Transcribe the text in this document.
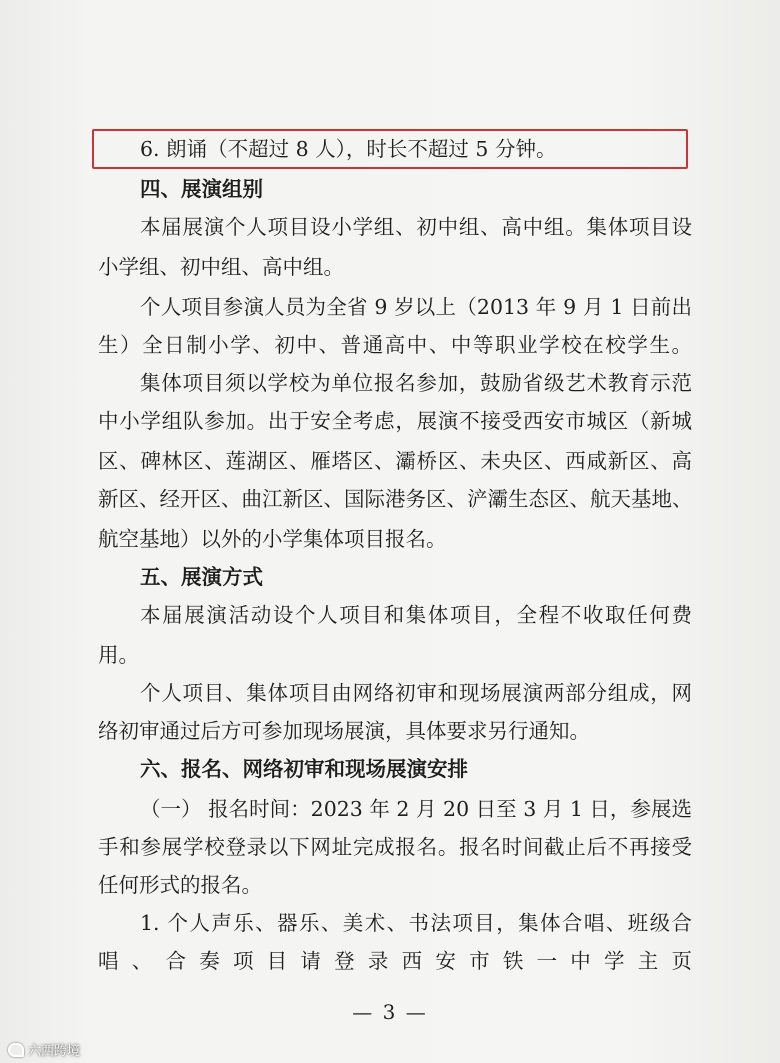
6. 朗诵（不超过 8 人），时长不超过 5 分钟。
四、展演组别
本届展演个人项目设小学组、初中组、高中组。集体项目设
小学组、初中组、高中组。
个人项目参演人员为全省 9 岁以上（2013 年 9 月 1 日前出
生）全日制小学、初中、普通高中、中等职业学校在校学生。
集体项目须以学校为单位报名参加，鼓励省级艺术教育示范
中小学组队参加。出于安全考虑，展演不接受西安市城区（新城
区、碑林区、莲湖区、雁塔区、灞桥区、未央区、西咸新区、高
新区、经开区、曲江新区、国际港务区、浐灞生态区、航天基地、
航空基地）以外的小学集体项目报名。
五、展演方式
本届展演活动设个人项目和集体项目，全程不收取任何费
用。
个人项目、集体项目由网络初审和现场展演两部分组成，网
络初审通过后方可参加现场展演，具体要求另行通知。
六、报名、网络初审和现场展演安排
（一） 报名时间：2023 年 2 月 20 日至 3 月 1 日，参展选
手和参展学校登录以下网址完成报名。报名时间截止后不再接受
任何形式的报名。
1. 个人声乐、器乐、美术、书法项目，集体合唱、班级合
唱 、 合 奏 项 目 请 登 录 西 安 市 铁 一 中 学 主 页
— 3 —
六西跨境
